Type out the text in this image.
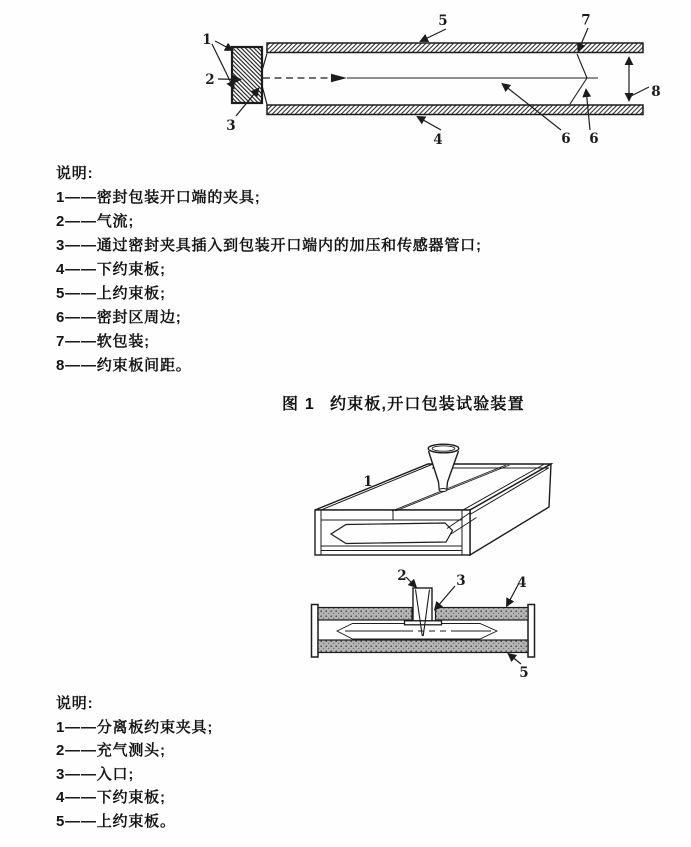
1
2
3
4
5
6 6
7
8
说明:
1——密封包装开口端的夹具;
2——气流;
3——通过密封夹具插入到包装开口端内的加压和传感器管口;
4——下约束板;
5——上约束板;
6——密封区周边;
7——软包装;
8——约束板间距。
图 1 约束板,开口包装试验装置
1
2	3	4
5
说明:
1——分离板约束夹具;
2——充气测头;
3——入口;
4——下约束板;
5——上约束板。
